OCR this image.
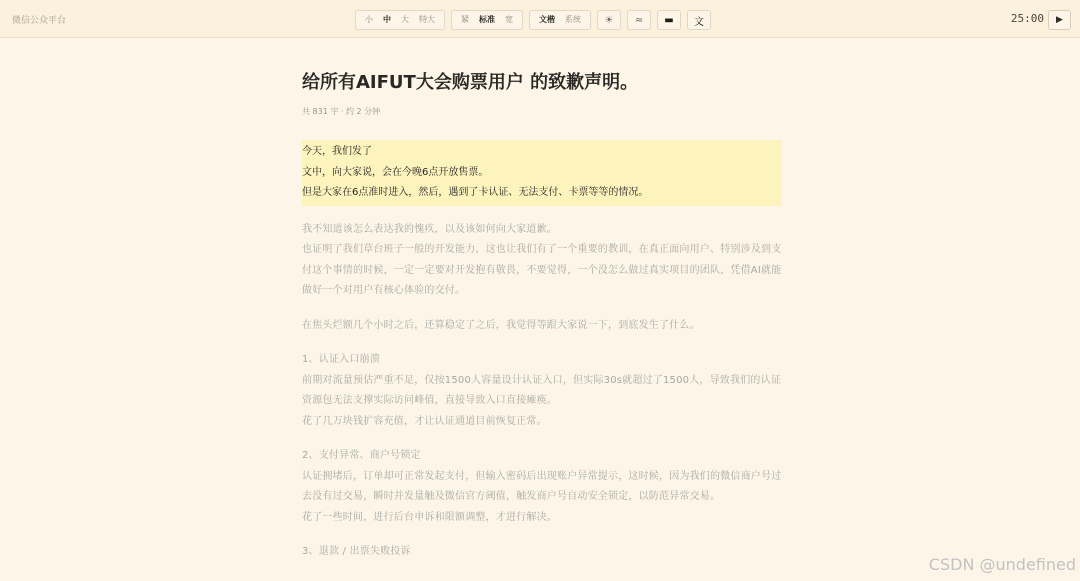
微信公众平台	小	中	大	特大	紧	标准	宽	文楷	系统	☀	≈	▬	文	25:00	▶
给所有AIFUT大会购票用户 的致歉声明。
共 831 字 · 约 2 分钟

今天，我们发了

文中，向大家说，会在今晚6点开放售票。

但是大家在6点准时进入，然后，遇到了卡认证、无法支付、卡票等等的情况。

我不知道该怎么表达我的愧疚，以及该如何向大家道歉。

也证明了我们草台班子一般的开发能力，这也让我们有了一个重要的教训，在真正面向用户、特别涉及到支付这个事情的时候，一定一定要对开发抱有敬畏，不要觉得，一个没怎么做过真实项目的团队，凭借AI就能做好一个对用户有核心体验的交付。

在焦头烂额几个小时之后，还算稳定了之后，我觉得等跟大家说一下，到底发生了什么。

1、认证入口崩溃

前期对流量预估严重不足，仅按1500人容量设计认证入口，但实际30s就超过了1500人，导致我们的认证资源包无法支撑实际访问峰值，直接导致入口直接瘫痪。

花了几万块钱扩容充值，才让认证通道目前恢复正常。

2、支付异常、商户号锁定

认证拥堵后，订单却可正常发起支付，但输入密码后出现账户异常提示，这时候，因为我们的微信商户号过去没有过交易，瞬时并发量触及微信官方阈值，触发商户号自动安全锁定，以防范异常交易。

花了一些时间，进行后台申诉和限额调整，才进行解决。

3、退款 / 出票失败投诉

CSDN @undefined
